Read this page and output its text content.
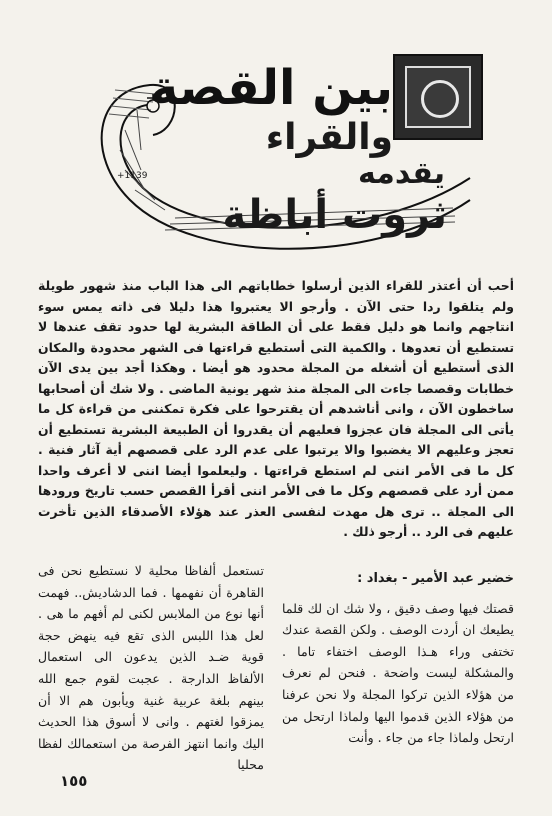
+1139
بين القصة
والقراء
يقدمه
ثروت أباظة

أحب أن أعتذر للقراء الذين أرسلوا خطاباتهم الى هذا الباب منذ شهور طويلة ولم يتلقوا ردا حتى الآن . وأرجو الا يعتبروا هذا دليلا فى ذاته يمس سوء انتاجهم وانما هو دليل فقط على أن الطاقة البشرية لها حدود تقف عندها لا تستطيع أن تعدوها . والكمية التى أستطيع قراءتها فى الشهر محدودة والمكان الذى أستطيع أن أشغله من المجلة محدود هو أيضا . وهكذا أجد بين يدى الآن خطابات وقصصا جاءت الى المجلة منذ شهر يونية الماضى . ولا شك أن أصحابها ساخطون الآن ، وانى أناشدهم أن يقترحوا على فكرة تمكننى من قراءة كل ما يأتى الى المجلة فان عجزوا فعليهم أن يقدروا أن الطبيعة البشرية تستطيع أن تعجز وعليهم الا يغضبوا والا يرتبوا على عدم الرد على قصصهم أية آثار فنية . كل ما فى الأمر اننى لم استطع قراءتها . وليعلموا أيضا اننى لا أعرف واحدا ممن أرد على قصصهم وكل ما فى الأمر اننى أقرأ القصص حسب تاريخ ورودها الى المجلة .. ترى هل مهدت لنفسى العذر عند هؤلاء الأصدقاء الذين تأخرت عليهم فى الرد .. أرجو ذلك .

خضير عبد الأمير - بغداد :

قصتك فيها وصف دقيق ، ولا شك ان لك قلما يطيعك ان أردت الوصف . ولكن القصة عندك تختفى وراء هـذا الوصف اختفاء تاما . والمشكلة ليست واضحة . فنحن لم نعرف من هؤلاء الذين تركوا المجلة ولا نحن عرفنا من هؤلاء الذين قدموا اليها ولماذا ارتحل من ارتحل ولماذا جاء من جاء . وأنت

تستعمل ألفاظا محلية لا نستطيع نحن فى القاهرة أن نفهمها . فما الدشاديش.. فهمت أنها نوع من الملابس لكنى لم أفهم ما هى . لعل هذا اللبس الذى تقع فيه ينهض حجة قوية ضـد الذين يدعون الى استعمال الألفاظ الدارجة . عجبت لقوم جمع الله بينهم بلغة عربية غنية ويأبون هم الا أن يمزقوا لغتهم . وانى لا أسوق هذا الحديث اليك وانما انتهز الفرصة من استعمالك لفظا محليا

١٥٥
